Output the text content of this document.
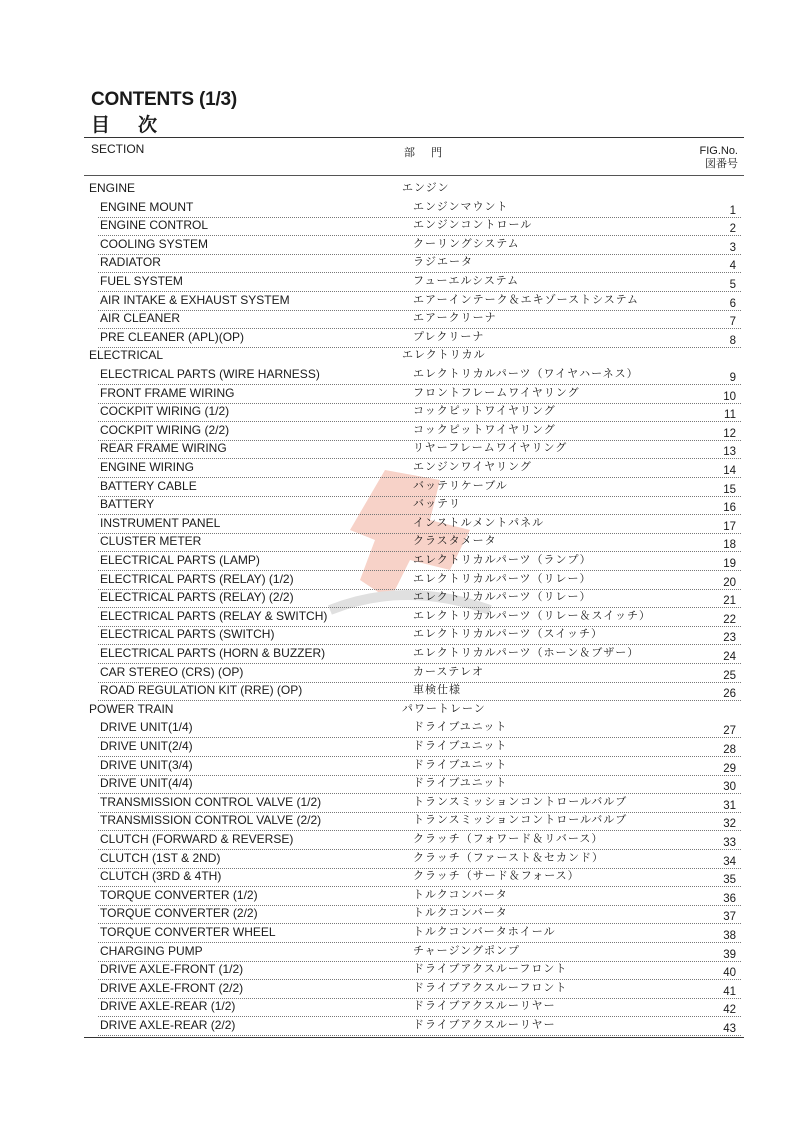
CONTENTS (1/3)
目次
SECTION	部門	FIG.No.
図番号
ENGINE	エンジン
ENGINE MOUNT	エンジンマウント	1
ENGINE CONTROL	エンジンコントロール	2
COOLING SYSTEM	クーリングシステム	3
RADIATOR	ラジエータ	4
FUEL SYSTEM	フューエルシステム	5
AIR INTAKE & EXHAUST SYSTEM	エアーインテーク＆エキゾーストシステム	6
AIR CLEANER	エアークリーナ	7
PRE CLEANER (APL)(OP)	プレクリーナ	8
ELECTRICAL	エレクトリカル
ELECTRICAL PARTS (WIRE HARNESS)	エレクトリカルパーツ（ワイヤハーネス）	9
FRONT FRAME WIRING	フロントフレームワイヤリング	10
COCKPIT WIRING (1/2)	コックピットワイヤリング	11
COCKPIT WIRING (2/2)	コックピットワイヤリング	12
REAR FRAME WIRING	リヤーフレームワイヤリング	13
ENGINE WIRING	エンジンワイヤリング	14
BATTERY CABLE	バッテリケーブル	15
BATTERY	バッテリ	16
INSTRUMENT PANEL	インストルメントパネル	17
CLUSTER METER	クラスタメータ	18
ELECTRICAL PARTS (LAMP)	エレクトリカルパーツ（ランプ）	19
ELECTRICAL PARTS (RELAY) (1/2)	エレクトリカルパーツ（リレー）	20
ELECTRICAL PARTS (RELAY) (2/2)	エレクトリカルパーツ（リレー）	21
ELECTRICAL PARTS (RELAY & SWITCH)	エレクトリカルパーツ（リレー＆スイッチ）	22
ELECTRICAL PARTS (SWITCH)	エレクトリカルパーツ（スイッチ）	23
ELECTRICAL PARTS (HORN & BUZZER)	エレクトリカルパーツ（ホーン＆ブザー）	24
CAR STEREO (CRS) (OP)	カーステレオ	25
ROAD REGULATION KIT (RRE) (OP)	車検仕様	26
POWER TRAIN	パワートレーン
DRIVE UNIT(1/4)	ドライブユニット	27
DRIVE UNIT(2/4)	ドライブユニット	28
DRIVE UNIT(3/4)	ドライブユニット	29
DRIVE UNIT(4/4)	ドライブユニット	30
TRANSMISSION CONTROL VALVE (1/2)	トランスミッションコントロールバルブ	31
TRANSMISSION CONTROL VALVE (2/2)	トランスミッションコントロールバルブ	32
CLUTCH (FORWARD & REVERSE)	クラッチ（フォワード＆リバース）	33
CLUTCH (1ST & 2ND)	クラッチ（ファースト＆セカンド）	34
CLUTCH (3RD & 4TH)	クラッチ（サード＆フォース）	35
TORQUE CONVERTER (1/2)	トルクコンバータ	36
TORQUE CONVERTER (2/2)	トルクコンバータ	37
TORQUE CONVERTER WHEEL	トルクコンバータホイール	38
CHARGING PUMP	チャージングポンプ	39
DRIVE AXLE-FRONT (1/2)	ドライブアクスルーフロント	40
DRIVE AXLE-FRONT (2/2)	ドライブアクスルーフロント	41
DRIVE AXLE-REAR (1/2)	ドライブアクスルーリヤー	42
DRIVE AXLE-REAR (2/2)	ドライブアクスルーリヤー	43
